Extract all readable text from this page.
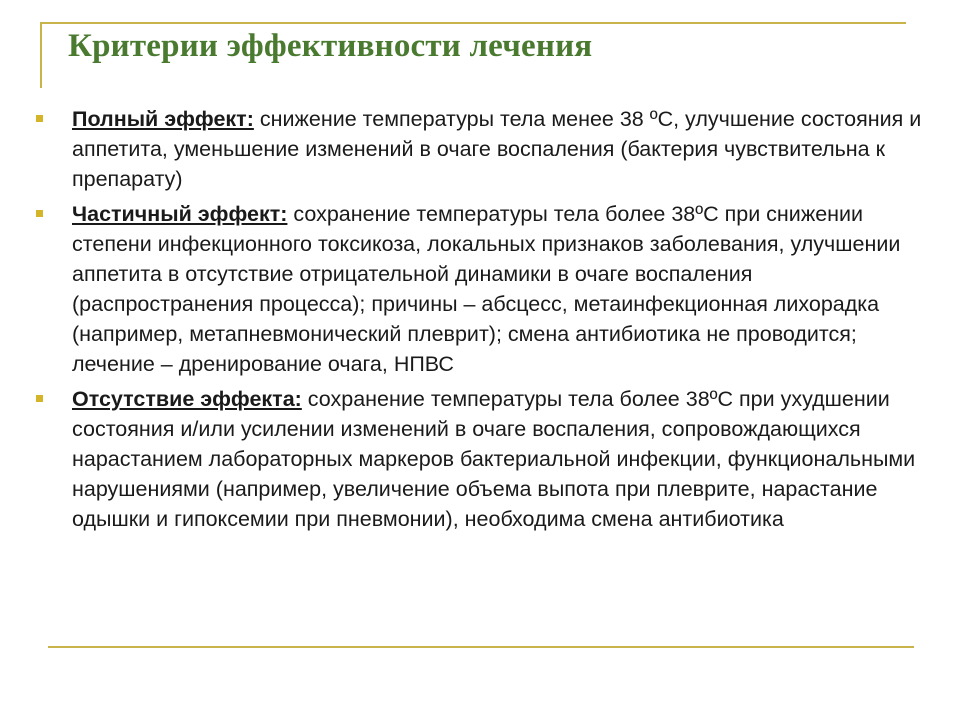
Критерии эффективности лечения
Полный эффект: снижение температуры тела менее 38 ºС, улучшение состояния и аппетита, уменьшение изменений в очаге воспаления (бактерия чувствительна к препарату)
Частичный эффект: сохранение температуры тела более 38ºС при снижении степени инфекционного токсикоза, локальных признаков заболевания, улучшении аппетита в отсутствие отрицательной динамики в очаге воспаления (распространения процесса); причины – абсцесс, метаинфекционная лихорадка (например, метапневмонический плеврит); смена антибиотика не проводится; лечение – дренирование очага, НПВС
Отсутствие эффекта: сохранение температуры тела более 38ºС при ухудшении состояния и/или усилении изменений в очаге воспаления, сопровождающихся нарастанием лабораторных маркеров бактериальной инфекции, функциональными нарушениями (например, увеличение объема выпота при плеврите, нарастание одышки и гипоксемии при пневмонии), необходима смена антибиотика
